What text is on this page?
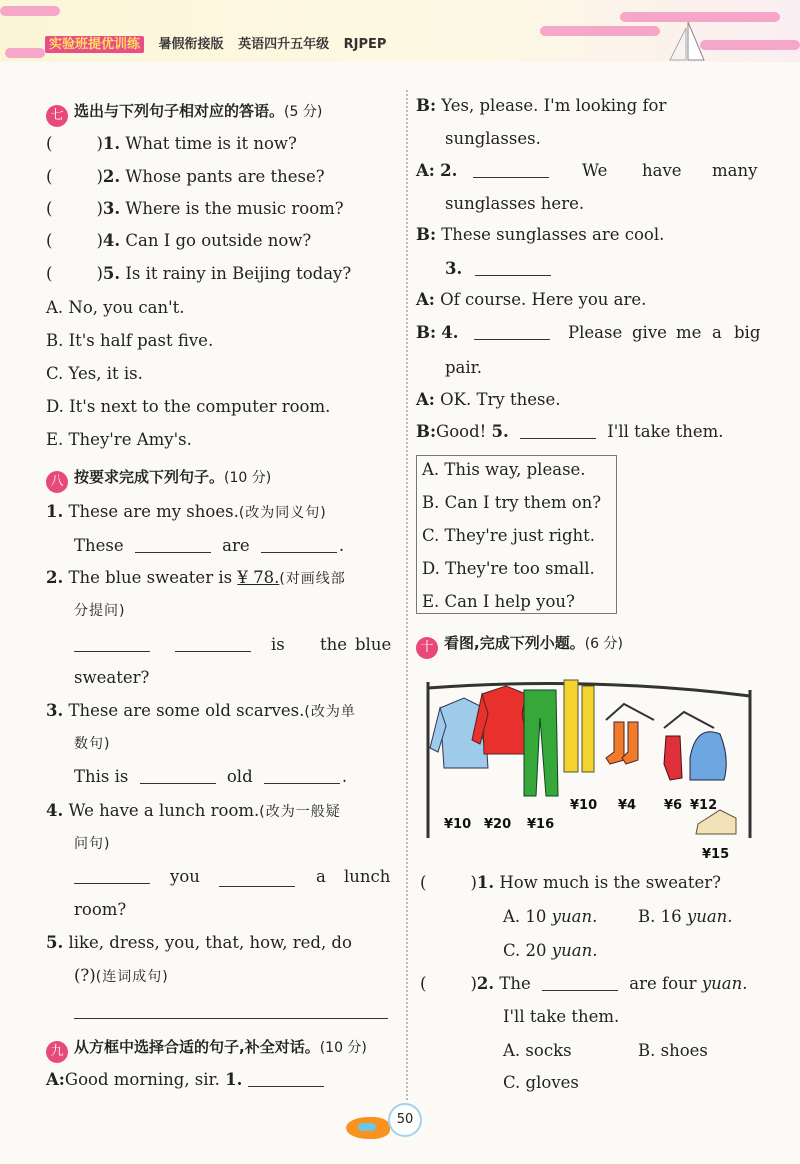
实验班提优训练 暑假衔接版 英语四升五年级 RJPEP
七 选出与下列句子相对应的答语。(5 分)
(	)1. What time is it now?
(	)2. Whose pants are these?
(	)3. Where is the music room?
(	)4. Can I go outside now?
(	)5. Is it rainy in Beijing today?
A. No, you can't.
B. It's half past five.
C. Yes, it is.
D. It's next to the computer room.
E. They're Amy's.
八 按要求完成下列句子。(10 分)
1. These are my shoes.(改为同义句)
These	are	.
2. The blue sweater is ¥ 78.(对画线部
分提问)

is the blue
sweater?
3. These are some old scarves.(改为单
数句)
This is	old	.
4. We have a lunch room.(改为一般疑
问句)
you	a lunch
room?
5. like, dress, you, that, how, red, do
(?)(连词成句)
九 从方框中选择合适的句子,补全对话。(10 分)
A:Good morning, sir. 1.
B: Yes, please. I'm looking for
sunglasses.
A: 2.	We have many
sunglasses here.
B: These sunglasses are cool.
3.
A: Of course. Here you are.
B: 4.	Please give me a big
pair.
A: OK. Try these.
B:Good! 5.	I'll take them.
A. This way, please.
B. Can I try them on?
C. They're just right.
D. They're too small.
E. Can I help you?
十 看图,完成下列小题。(6 分)
¥10 ¥20 ¥16
¥10 ¥4 ¥6 ¥12
¥15
(	)1. How much is the sweater?
A. 10 yuan. B. 16 yuan.
C. 20 yuan.
(	)2. The	are four yuan.
I'll take them.
A. socks	B. shoes
C. gloves
50
